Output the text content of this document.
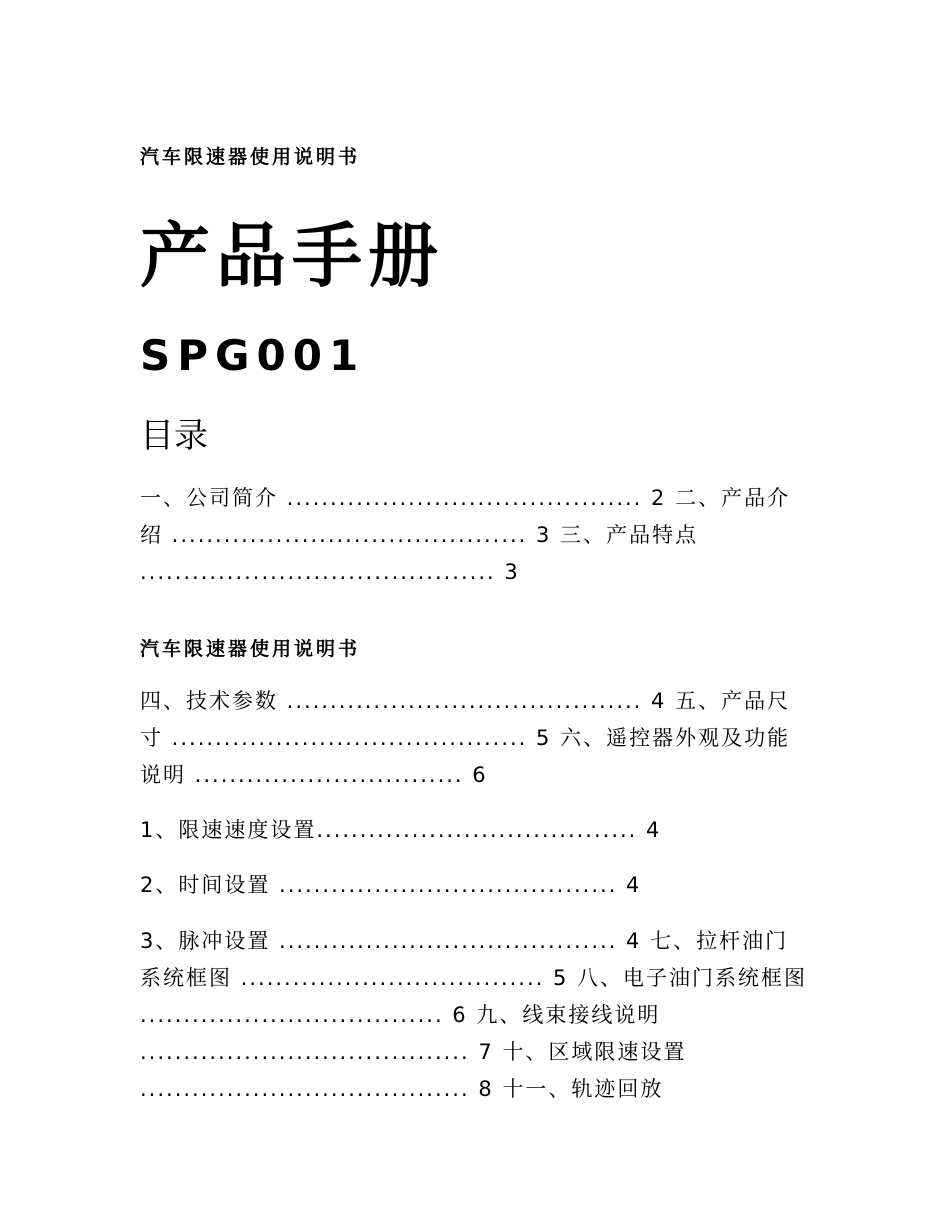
汽车限速器使用说明书
产品手册
SPG001
目录
一、公司简介 ......................................... 2 二、产品介
绍 ......................................... 3 三、产品特点
......................................... 3
汽车限速器使用说明书
四、技术参数 ......................................... 4 五、产品尺
寸 ......................................... 5 六、遥控器外观及功能
说明 ............................... 6
1、限速速度设置..................................... 4
2、时间设置 ....................................... 4
3、脉冲设置 ....................................... 4 七、拉杆油门
系统框图 ................................... 5 八、电子油门系统框图
................................... 6 九、线束接线说明
...................................... 7 十、区域限速设置
...................................... 8 十一、轨迹回放
